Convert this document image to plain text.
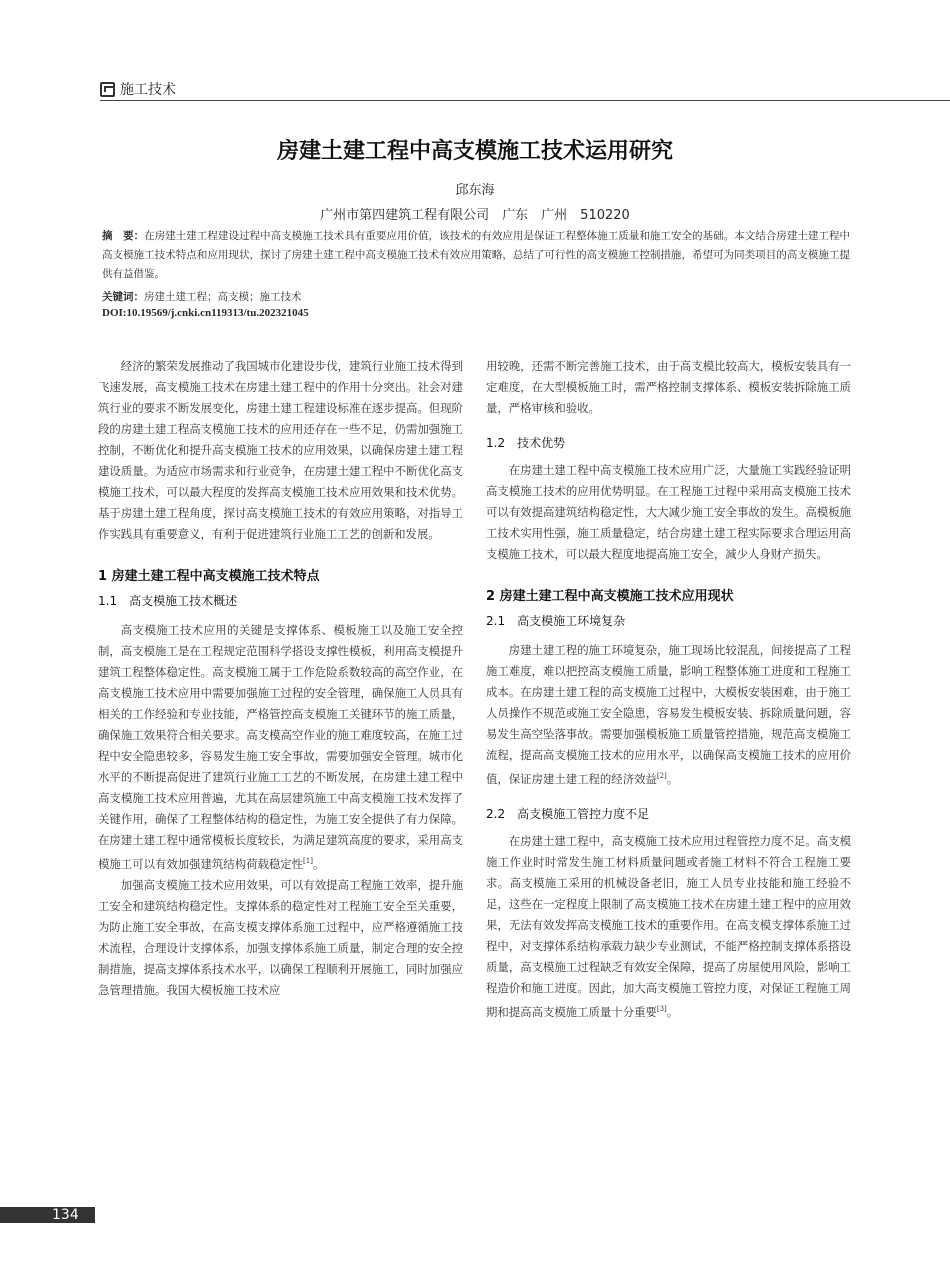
施工技术
房建土建工程中高支模施工技术运用研究
邱东海
广州市第四建筑工程有限公司　广东　广州　510220
摘　要：在房建土建工程建设过程中高支模施工技术具有重要应用价值，该技术的有效应用是保证工程整体施工质量和施工安全的基础。本文结合房建土建工程中高支模施工技术特点和应用现状，探讨了房建土建工程中高支模施工技术有效应用策略，总结了可行性的高支模施工控制措施，希望可为同类项目的高支模施工提供有益借鉴。
关键词：房建土建工程；高支模；施工技术
DOI:10.19569/j.cnki.cn119313/tu.202321045

经济的繁荣发展推动了我国城市化建设步伐，建筑行业施工技术得到飞速发展，高支模施工技术在房建土建工程中的作用十分突出。社会对建筑行业的要求不断发展变化，房建土建工程建设标准在逐步提高。但现阶段的房建土建工程高支模施工技术的应用还存在一些不足，仍需加强施工控制，不断优化和提升高支模施工技术的应用效果，以确保房建土建工程建设质量。为适应市场需求和行业竞争，在房建土建工程中不断优化高支模施工技术，可以最大程度的发挥高支模施工技术应用效果和技术优势。基于房建土建工程角度，探讨高支模施工技术的有效应用策略，对指导工作实践具有重要意义，有利于促进建筑行业施工工艺的创新和发展。

1 房建土建工程中高支模施工技术特点
1.1　高支模施工技术概述

高支模施工技术应用的关键是支撑体系、模板施工以及施工安全控制，高支模施工是在工程规定范围科学搭设支撑性模板，利用高支模提升建筑工程整体稳定性。高支模施工属于工作危险系数较高的高空作业，在高支模施工技术应用中需要加强施工过程的安全管理，确保施工人员具有相关的工作经验和专业技能，严格管控高支模施工关键环节的施工质量，确保施工效果符合相关要求。高支模高空作业的施工难度较高，在施工过程中安全隐患较多，容易发生施工安全事故，需要加强安全管理。城市化水平的不断提高促进了建筑行业施工工艺的不断发展，在房建土建工程中高支模施工技术应用普遍，尤其在高层建筑施工中高支模施工技术发挥了关键作用，确保了工程整体结构的稳定性，为施工安全提供了有力保障。在房建土建工程中通常模板长度较长，为满足建筑高度的要求，采用高支模施工可以有效加强建筑结构荷载稳定性[1]。

加强高支模施工技术应用效果，可以有效提高工程施工效率，提升施工安全和建筑结构稳定性。支撑体系的稳定性对工程施工安全至关重要，为防止施工安全事故，在高支模支撑体系施工过程中，应严格遵循施工技术流程，合理设计支撑体系，加强支撑体系施工质量，制定合理的安全控制措施，提高支撑体系技术水平，以确保工程顺利开展施工，同时加强应急管理措施。我国大模板施工技术应

用较晚，还需不断完善施工技术，由于高支模比较高大，模板安装具有一定难度，在大型模板施工时，需严格控制支撑体系、模板安装拆除施工质量，严格审核和验收。

1.2　技术优势

在房建土建工程中高支模施工技术应用广泛，大量施工实践经验证明高支模施工技术的应用优势明显。在工程施工过程中采用高支模施工技术可以有效提高建筑结构稳定性，大大减少施工安全事故的发生。高模板施工技术实用性强，施工质量稳定，结合房建土建工程实际要求合理运用高支模施工技术，可以最大程度地提高施工安全，减少人身财产损失。

2 房建土建工程中高支模施工技术应用现状
2.1　高支模施工环境复杂

房建土建工程的施工环境复杂，施工现场比较混乱，间接提高了工程施工难度，难以把控高支模施工质量，影响工程整体施工进度和工程施工成本。在房建土建工程的高支模施工过程中，大模板安装困难，由于施工人员操作不规范或施工安全隐患，容易发生模板安装、拆除质量问题，容易发生高空坠落事故。需要加强模板施工质量管控措施，规范高支模施工流程，提高高支模施工技术的应用水平，以确保高支模施工技术的应用价值，保证房建土建工程的经济效益[2]。

2.2　高支模施工管控力度不足

在房建土建工程中，高支模施工技术应用过程管控力度不足。高支模施工作业时时常发生施工材料质量问题或者施工材料不符合工程施工要求。高支模施工采用的机械设备老旧，施工人员专业技能和施工经验不足，这些在一定程度上限制了高支模施工技术在房建土建工程中的应用效果，无法有效发挥高支模施工技术的重要作用。在高支模支撑体系施工过程中，对支撑体系结构承载力缺少专业测试，不能严格控制支撑体系搭设质量，高支模施工过程缺乏有效安全保障，提高了房屋使用风险，影响工程造价和施工进度。因此，加大高支模施工管控力度，对保证工程施工周期和提高高支模施工质量十分重要[3]。

134
